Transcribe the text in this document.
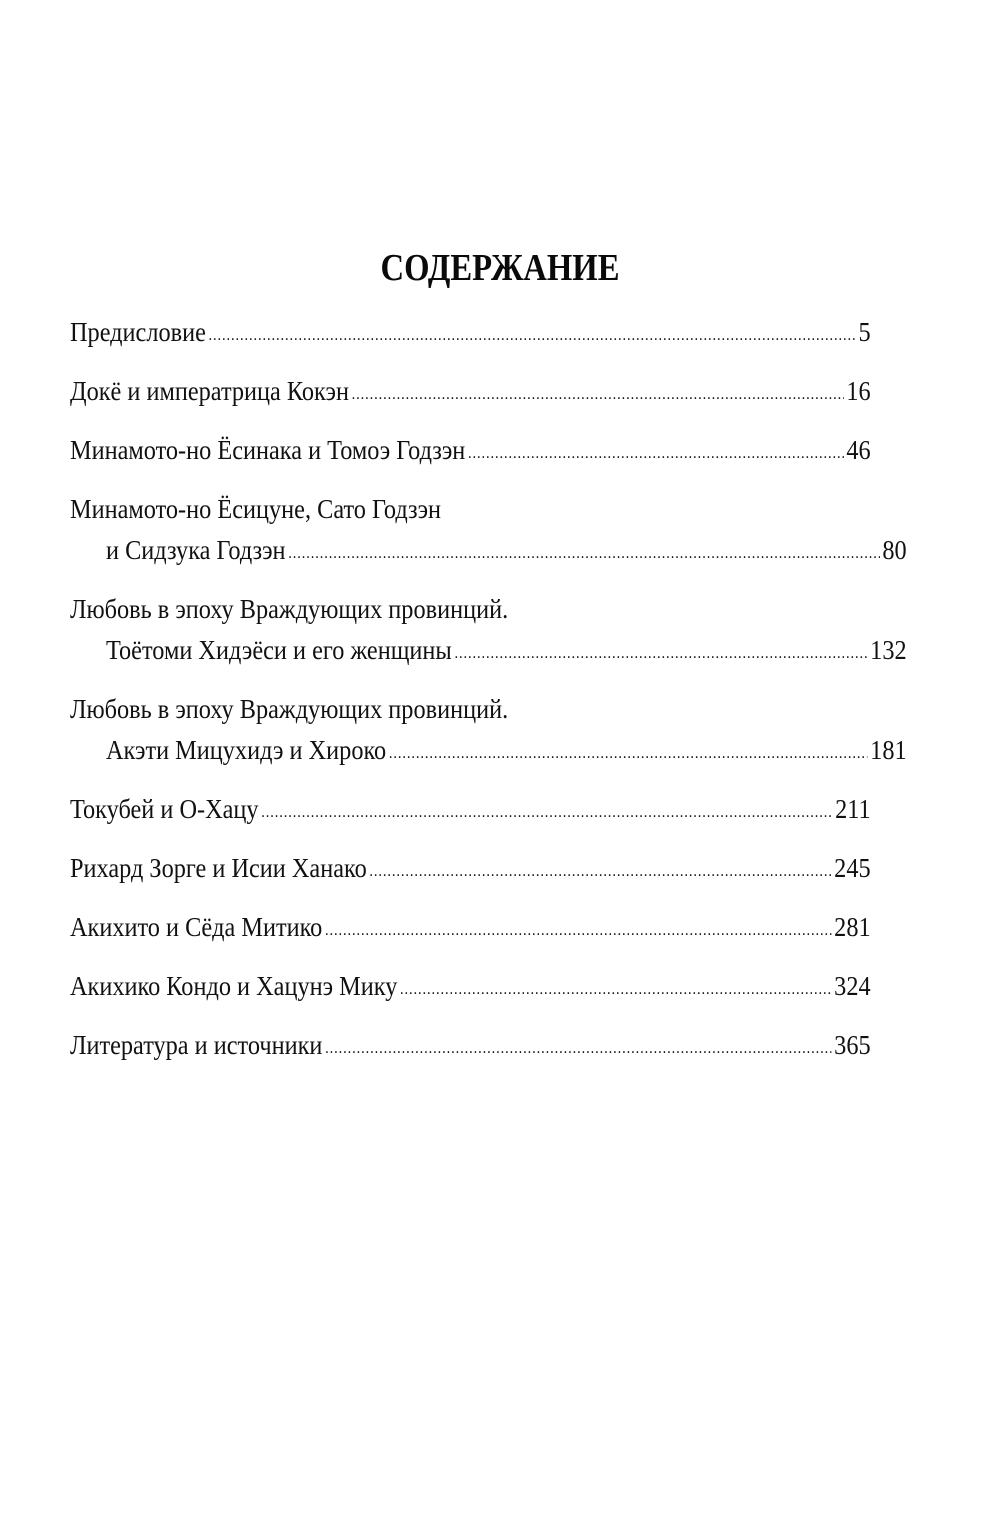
СОДЕРЖАНИЕ
Предисловие .....	5
Докё и императрица Кокэн .....	16
Минамото-но Ёсинака и Томоэ Годзэн .....	46
Минамото-но Ёсицуне, Сато Годзэн
и Сидзука Годзэн .....	80
Любовь в эпоху Враждующих провинций.
Тоётоми Хидэёси и его женщины .....	132
Любовь в эпоху Враждующих провинций.
Акэти Мицухидэ и Хироко .....	181
Токубей и О-Хацу .....	211
Рихард Зорге и Исии Ханако .....	245
Акихито и Сёда Митико .....	281
Акихико Кондо и Хацунэ Мику .....	324
Литература и источники .....	365
